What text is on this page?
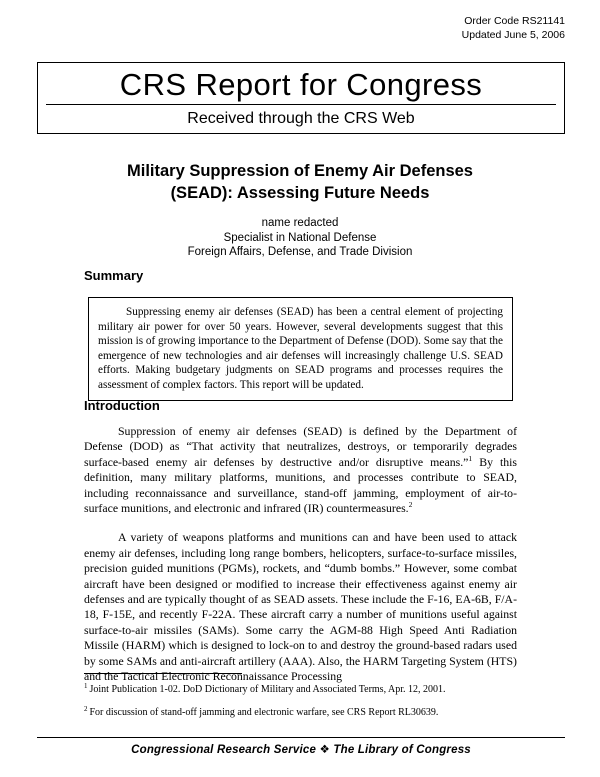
Order Code RS21141
Updated June 5, 2006
CRS Report for Congress
Received through the CRS Web
Military Suppression of Enemy Air Defenses
(SEAD): Assessing Future Needs
name redacted
Specialist in National Defense
Foreign Affairs, Defense, and Trade Division
Summary

Suppressing enemy air defenses (SEAD) has been a central element of projecting military air power for over 50 years. However, several developments suggest that this mission is of growing importance to the Department of Defense (DOD). Some say that the emergence of new technologies and air defenses will increasingly challenge U.S. SEAD efforts. Making budgetary judgments on SEAD programs and processes requires the assessment of complex factors. This report will be updated.

Introduction

Suppression of enemy air defenses (SEAD) is defined by the Department of Defense (DOD) as “That activity that neutralizes, destroys, or temporarily degrades surface-based enemy air defenses by destructive and/or disruptive means.”$^1$ By this definition, many military platforms, munitions, and processes contribute to SEAD, including reconnaissance and surveillance, stand-off jamming, employment of air-to-surface munitions, and electronic and infrared (IR) countermeasures.$^2$

A variety of weapons platforms and munitions can and have been used to attack enemy air defenses, including long range bombers, helicopters, surface-to-surface missiles, precision guided munitions (PGMs), rockets, and “dumb bombs.” However, some combat aircraft have been designed or modified to increase their effectiveness against enemy air defenses and are typically thought of as SEAD assets. These include the F-16, EA-6B, F/A-18, F-15E, and recently F-22A. These aircraft carry a number of munitions useful against surface-to-air missiles (SAMs). Some carry the AGM-88 High Speed Anti Radiation Missile (HARM) which is designed to lock-on to and destroy the ground-based radars used by some SAMs and anti-aircraft artillery (AAA). Also, the HARM Targeting System (HTS) and the Tactical Electronic Reconnaissance Processing

$^1$ Joint Publication 1-02. DoD Dictionary of Military and Associated Terms, Apr. 12, 2001.

$^2$ For discussion of stand-off jamming and electronic warfare, see CRS Report RL30639.

Congressional Research Service ❖ The Library of Congress
